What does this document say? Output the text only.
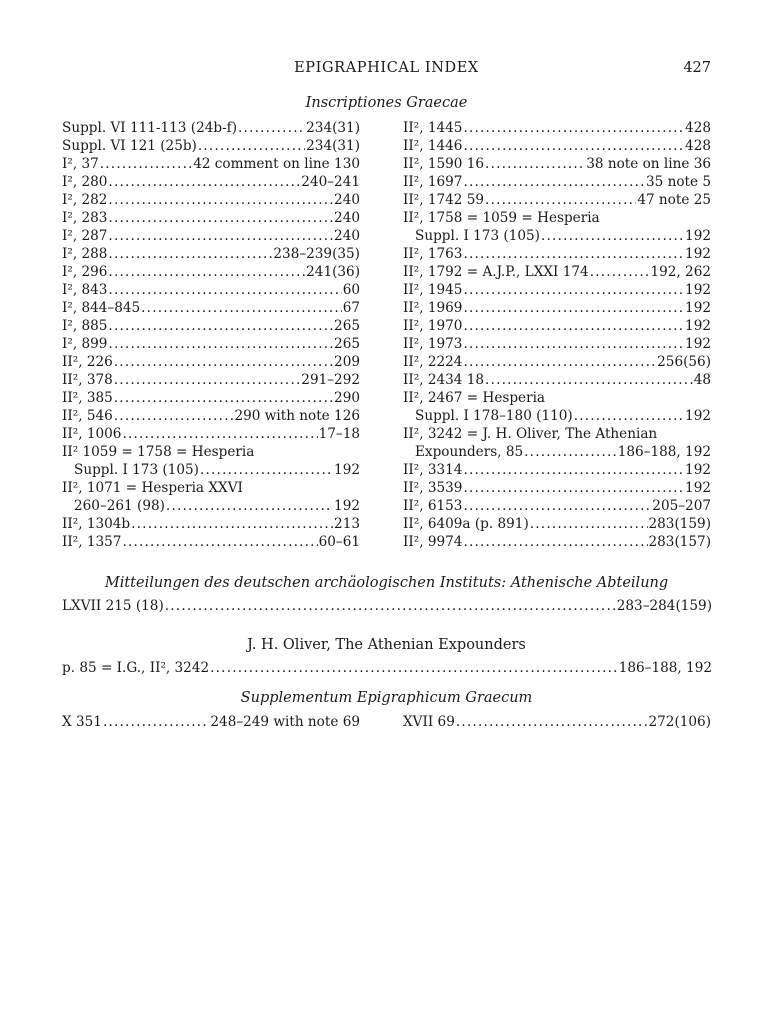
EPIGRAPHICAL INDEX	427
Inscriptiones Graecae
Suppl. VI 111-113 (24b-f) .....	234(31)
Suppl. VI 121 (25b) .....	234(31)
I², 37 .....	42 comment on line 130
I², 280 .....	240–241
I², 282 .....	240
I², 283 .....	240
I², 287 .....	240
I², 288 .....	238–239(35)
I², 296 .....	241(36)
I², 843 .....	60
I², 844–845 .....	67
I², 885 .....	265
I², 899 .....	265
II², 226 .....	209
II², 378 .....	291–292
II², 385 .....	290
II², 546 .....	290 with note 126
II², 1006 .....	17–18
II² 1059 = 1758 = Hesperia
Suppl. I 173 (105) .....	192
II², 1071 = Hesperia XXVI
260–261 (98) .....	192
II², 1304b .....	213
II², 1357 .....	60–61
II², 1445 .....	428
II², 1446 .....	428
II², 1590 16 .....	38 note on line 36
II², 1697 .....	35 note 5
II², 1742 59 .....	47 note 25
II², 1758 = 1059 = Hesperia
Suppl. I 173 (105) .....	192
II², 1763 .....	192
II², 1792 = A.J.P., LXXI 174 .....	192, 262
II², 1945 .....	192
II², 1969 .....	192
II², 1970 .....	192
II², 1973 .....	192
II², 2224 .....	256(56)
II², 2434 18 .....	48
II², 2467 = Hesperia
Suppl. I 178–180 (110) .....	192
II², 3242 = J. H. Oliver, The Athenian
Expounders, 85 .....	186–188, 192
II², 3314 .....	192
II², 3539 .....	192
II², 6153 .....	205–207
II², 6409a (p. 891) .....	283(159)
II², 9974 .....	283(157)
Mitteilungen des deutschen archäologischen Instituts: Athenische Abteilung
LXVII 215 (18) .....	283–284(159)
J. H. Oliver, The Athenian Expounders
p. 85 = I.G., II², 3242 .....	186–188, 192
Supplementum Epigraphicum Graecum
X 351 .....	248–249 with note 69	XVII 69 .....	272(106)
